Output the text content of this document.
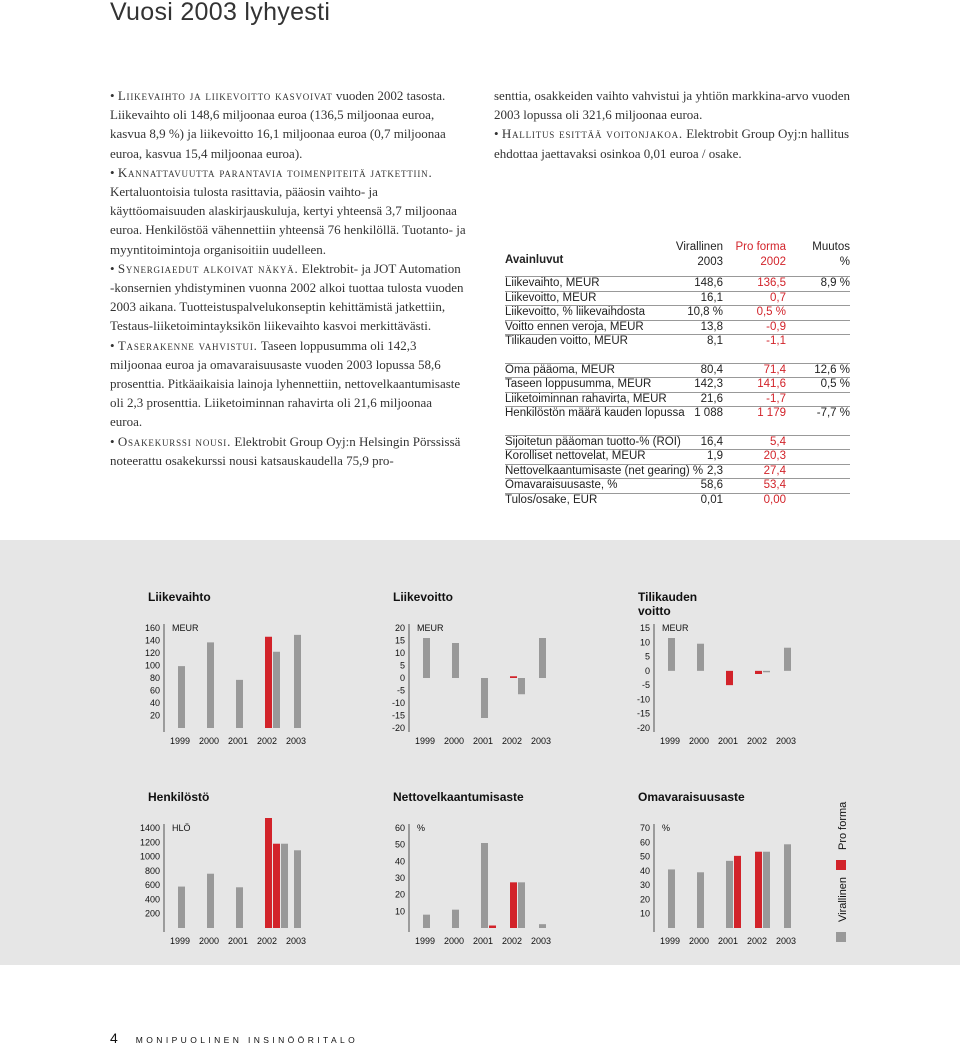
Vuosi 2003 lyhyesti

• Liikevaihto ja liikevoitto kasvoivat vuoden 2002 tasosta. Liikevaihto oli 148,6 miljoonaa euroa (136,5 miljoonaa euroa, kasvua 8,9 %) ja liikevoitto 16,1 miljoonaa euroa (0,7 miljoonaa euroa, kasvua 15,4 miljoonaa euroa).

• Kannattavuutta parantavia toimenpiteitä jatkettiin. Kertaluontoisia tulosta rasittavia, pääosin vaihto- ja käyttöomaisuuden alaskirjauskuluja, kertyi yhteensä 3,7 miljoonaa euroa. Henkilöstöä vähennettiin yhteensä 76 henkilöllä. Tuotanto- ja myyntitoimintoja organisoitiin uudelleen.

• Synergiaedut alkoivat näkyä. Elektrobit- ja JOT Automation -konsernien yhdistyminen vuonna 2002 alkoi tuottaa tulosta vuoden 2003 aikana. Tuotteistuspalvelukonseptin kehittämistä jatkettiin, Testaus-liiketoimintayksikön liikevaihto kasvoi merkittävästi.

• Taserakenne vahvistui. Taseen loppusumma oli 142,3 miljoonaa euroa ja omavaraisuusaste vuoden 2003 lopussa 58,6 prosenttia. Pitkäaikaisia lainoja lyhennettiin, nettovelkaantumisaste oli 2,3 prosenttia. Liiketoiminnan rahavirta oli 21,6 miljoonaa euroa.

• Osakekurssi nousi. Elektrobit Group Oyj:n Helsingin Pörssissä noteerattu osakekurssi nousi katsauskaudella 75,9 pro-

senttia, osakkeiden vaihto vahvistui ja yhtiön markkina-arvo vuoden 2003 lopussa oli 321,6 miljoonaa euroa.

• Hallitus esittää voitonjakoa. Elektrobit Group Oyj:n hallitus ehdottaa jaettavaksi osinkoa 0,01 euroa / osake.

Avainluvut
Virallinen
2003
Pro forma
2002
Muutos
%
Liikevaihto, MEUR	148,6	136,5	8,9 %
Liikevoitto, MEUR	16,1	0,7
Liikevoitto, % liikevaihdosta	10,8 %	0,5 %
Voitto ennen veroja, MEUR	13,8	-0,9
Tilikauden voitto, MEUR	8,1	-1,1
Oma pääoma, MEUR	80,4	71,4 12,6 %
Taseen loppusumma, MEUR	142,3	141,6	0,5 %
Liiketoiminnan rahavirta, MEUR	21,6	-1,7
Henkilöstön määrä kauden lopussa 1 088	1 179	-7,7 %
Sijoitetun pääoman tuotto-% (ROI) 16,4	5,4
Korolliset nettovelat, MEUR	1,9	20,3
Nettovelkaantumisaste (net gearing) % 2,3	27,4
Omavaraisuusaste, %	58,6	53,4
Tulos/osake, EUR	0,01	0,00
Liikevaihto
20
40
60
80
100
120
140
160 MEUR
1999 2000 2001 2002 2003
Liikevoitto
-20
-15
-10
-5
0
5
10
15
20 MEUR
1999 2000 2001 2002 2003
Tilikauden voitto
-20
-15
-10
-5
0
5
10
15 MEUR
1999 2000 2001 2002 2003
Henkilöstö
200
400
600
800
1000
1200
1400 HLÖ
1999 2000 2001 2002 2003
Nettovelkaantumisaste
10
20
30
40
50
60 %
1999 2000 2001 2002 2003
Omavaraisuusaste
10
20
30
40
50
60
70 %
1999 2000 2001 2002 2003
Pro forma
Virallinen
4 MONIPUOLINEN INSINÖÖRITALO
